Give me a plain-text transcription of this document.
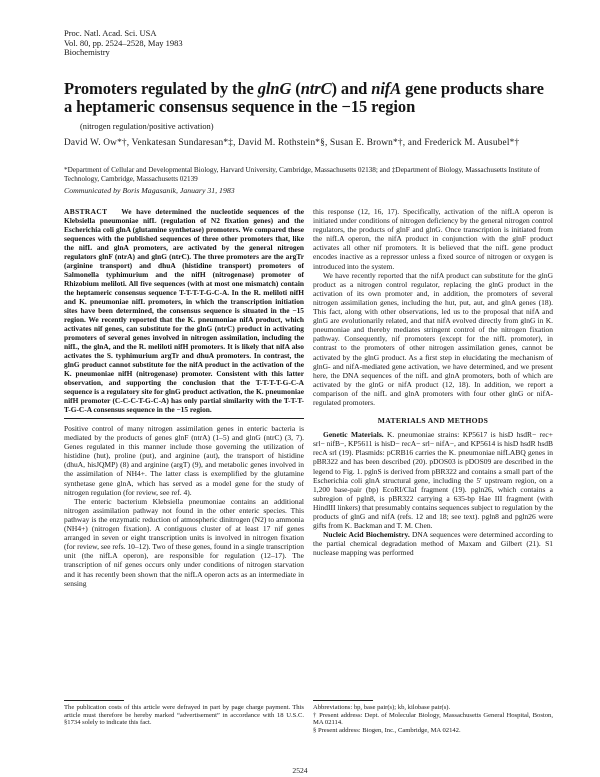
Proc. Natl. Acad. Sci. USA
Vol. 80, pp. 2524–2528, May 1983
Biochemistry
Promoters regulated by the glnG (ntrC) and nifA gene products share a heptameric consensus sequence in the −15 region
(nitrogen regulation/positive activation)
David W. Ow*†, Venkatesan Sundaresan*‡, David M. Rothstein*§, Susan E. Brown*†, and Frederick M. Ausubel*†
*Department of Cellular and Developmental Biology, Harvard University, Cambridge, Massachusetts 02138; and ‡Department of Biology, Massachusetts Institute of Technology, Cambridge, Massachusetts 02139
Communicated by Boris Magasanik, January 31, 1983

ABSTRACT We have determined the nucleotide sequences of the Klebsiella pneumoniae nifL (regulation of N2 fixation genes) and the Escherichia coli glnA (glutamine synthetase) promoters. We compared these sequences with the published sequences of three other promoters that, like the nifL and glnA promoters, are activated by the general nitrogen regulators glnF (ntrA) and glnG (ntrC). The three promoters are the argTr (arginine transport) and dhuA (histidine transport) promoters of Salmonella typhimurium and the nifH (nitrogenase) promoter of Rhizobium meliloti. All five sequences (with at most one mismatch) contain the heptameric consensus sequence T-T-T-T-G-C-A. In the R. meliloti nifH and K. pneumoniae nifL promoters, in which the transcription initiation sites have been determined, the consensus sequence is situated in the −15 region. We recently reported that the K. pneumoniae nifA product, which activates nif genes, can substitute for the glnG (ntrC) product in activating promoters of several genes involved in nitrogen assimilation, including the nifL, the glnA, and the R. meliloti nifH promoters. It is likely that nifA also activates the S. typhimurium argTr and dhuA promoters. In contrast, the glnG product cannot substitute for the nifA product in the activation of the K. pneumoniae nifH (nitrogenase) promoter. Consistent with this latter observation, and supporting the conclusion that the T-T-T-T-G-C-A sequence is a regulatory site for glnG product activation, the K. pneumoniae nifH promoter (C-C-C-T-G-C-A) has only partial similarity with the T-T-T-T-G-C-A consensus sequence in the −15 region.

Positive control of many nitrogen assimilation genes in enteric bacteria is mediated by the products of genes glnF (ntrA) (1–5) and glnG (ntrC) (3, 7). Genes regulated in this manner include those governing the utilization of histidine (hut), proline (put), and arginine (aut), the transport of histidine (dhuA, hisJQMP) (8) and arginine (argT) (9), and metabolic genes involved in the assimilation of NH4+. The latter class is exemplified by the glutamine synthetase gene glnA, which has served as a model gene for the study of nitrogen regulation (for review, see ref. 4).

The enteric bacterium Klebsiella pneumoniae contains an additional nitrogen assimilation pathway not found in the other enteric species. This pathway is the enzymatic reduction of atmospheric dinitrogen (N2) to ammonia (NH4+) (nitrogen fixation). A contiguous cluster of at least 17 nif genes arranged in seven or eight transcription units is involved in nitrogen fixation (for review, see refs. 10–12). Two of these genes, found in a single transcription unit (the nifLA operon), are responsible for regulation (12–17). The transcription of nif genes occurs only under conditions of nitrogen starvation and it has recently been shown that the nifLA operon acts as an intermediate in sensing

this response (12, 16, 17). Specifically, activation of the nifLA operon is initiated under conditions of nitrogen deficiency by the general nitrogen control regulators, the products of glnF and glnG. Once transcription is initiated from the nifLA operon, the nifA product in conjunction with the glnF product activates all other nif promoters. It is believed that the nifL gene product encodes inactive as a repressor unless a fixed source of nitrogen or oxygen is introduced into the system.

We have recently reported that the nifA product can substitute for the glnG product as a nitrogen control regulator, replacing the glnG product in the activation of its own promoter and, in addition, the promoters of several nitrogen assimilation genes, including the hut, put, aut, and glnA genes (18). This fact, along with other observations, led us to the proposal that nifA and glnG are evolutionarily related, and that nifA evolved directly from glnG in K. pneumoniae and thereby mediates stringent control of the nitrogen fixation pathway. Consequently, nif promoters (except for the nifL promoter), in contrast to the promoters of other nitrogen assimilation genes, cannot be activated by the glnG product. As a first step in elucidating the mechanism of glnG- and nifA-mediated gene activation, we have determined, and we present here, the DNA sequences of the nifL and glnA promoters, both of which are activated by the glnG or nifA product (12, 18). In addition, we report a comparison of the nifL and glnA promoters with four other glnG or nifA-regulated promoters.

MATERIALS AND METHODS

Genetic Materials. K. pneumoniae strains: KP5617 is hisD hsdR− rec+ srl− nifB−, KP5611 is hisD− recA− srl− nifA−, and KP5614 is hisD hsdR hsdB recA srl (19). Plasmids: pCRB16 carries the K. pneumoniae nifLABQ genes in pBR322 and has been described (20). pDOS03 is pDOS09 are described in the legend to Fig. 1. pglnS is derived from pBR322 and contains a small part of the Escherichia coli glnA structural gene, including the 5′ upstream region, on a 1,200 base-pair (bp) EcoRI/ClaI fragment (19). pgln26, which contains a subregion of pgln8, is pBR322 carrying a 635-bp Hae III fragment (with HindIII linkers) that presumably contains sequences subject to regulation by the products of glnG and nifA (refs. 12 and 18; see text). pgln8 and pgln26 were gifts from K. Backman and T. M. Chen.

Nucleic Acid Biochemistry. DNA sequences were determined according to the partial chemical degradation method of Maxam and Gilbert (21). S1 nuclease mapping was performed

The publication costs of this article were defrayed in part by page charge payment. This article must therefore be hereby marked “advertisement” in accordance with 18 U.S.C. §1734 solely to indicate this fact.
Abbreviations: bp, base pair(s); kb, kilobase pair(s).
† Present address: Dept. of Molecular Biology, Massachusetts General Hospital, Boston, MA 02114.
§ Present address: Biogen, Inc., Cambridge, MA 02142.
2524
